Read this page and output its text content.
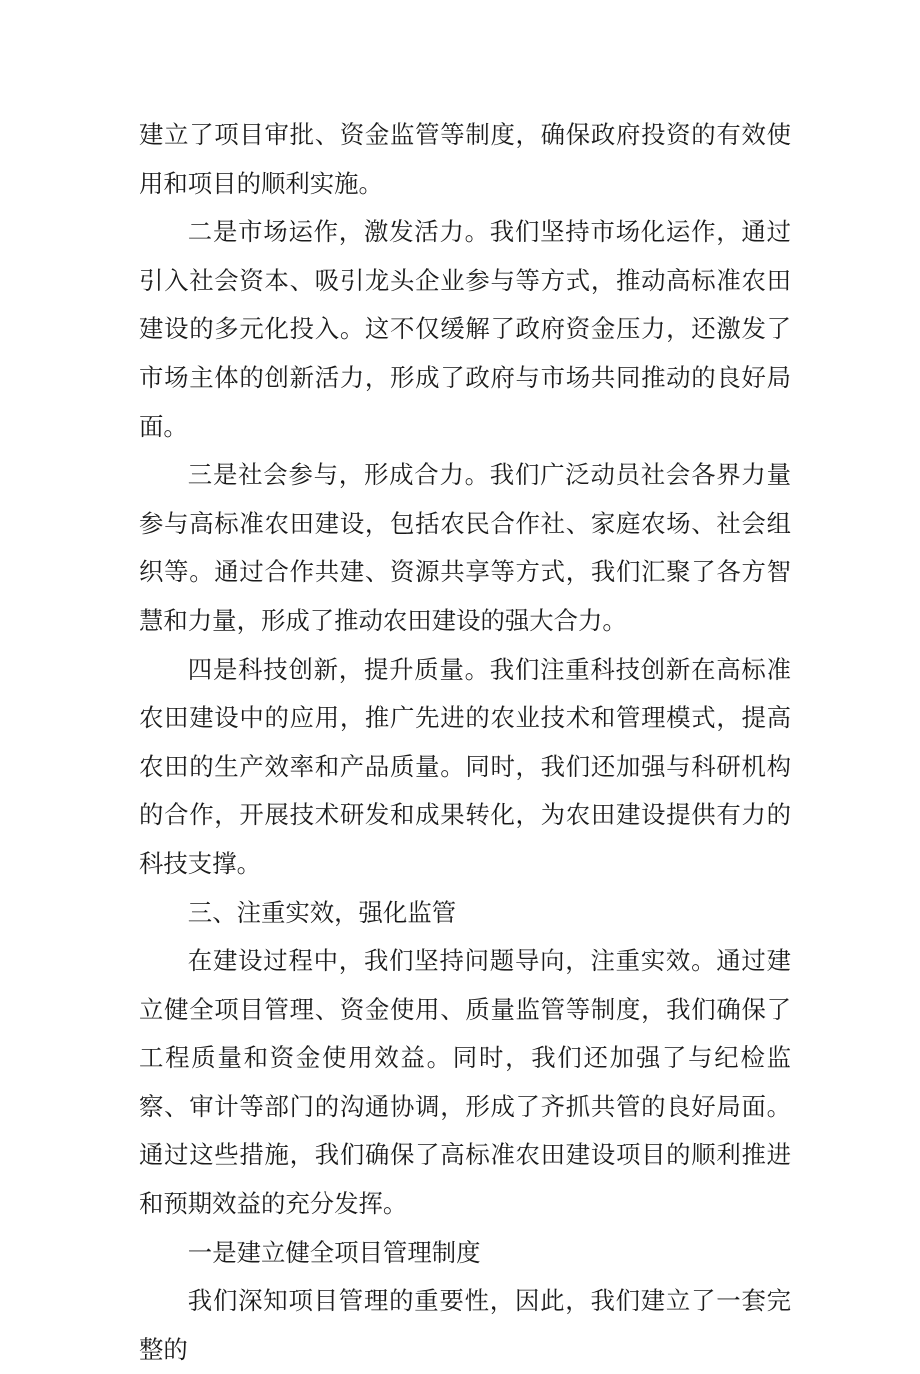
建立了项目审批、资金监管等制度，确保政府投资的有效使用和项目的顺利实施。

二是市场运作，激发活力。我们坚持市场化运作，通过引入社会资本、吸引龙头企业参与等方式，推动高标准农田建设的多元化投入。这不仅缓解了政府资金压力，还激发了市场主体的创新活力，形成了政府与市场共同推动的良好局面。

三是社会参与，形成合力。我们广泛动员社会各界力量参与高标准农田建设，包括农民合作社、家庭农场、社会组织等。通过合作共建、资源共享等方式，我们汇聚了各方智慧和力量，形成了推动农田建设的强大合力。

四是科技创新，提升质量。我们注重科技创新在高标准农田建设中的应用，推广先进的农业技术和管理模式，提高农田的生产效率和产品质量。同时，我们还加强与科研机构的合作，开展技术研发和成果转化，为农田建设提供有力的科技支撑。

三、注重实效，强化监管

在建设过程中，我们坚持问题导向，注重实效。通过建立健全项目管理、资金使用、质量监管等制度，我们确保了工程质量和资金使用效益。同时，我们还加强了与纪检监察、审计等部门的沟通协调，形成了齐抓共管的良好局面。通过这些措施，我们确保了高标准农田建设项目的顺利推进和预期效益的充分发挥。

一是建立健全项目管理制度

我们深知项目管理的重要性，因此，我们建立了一套完整的
